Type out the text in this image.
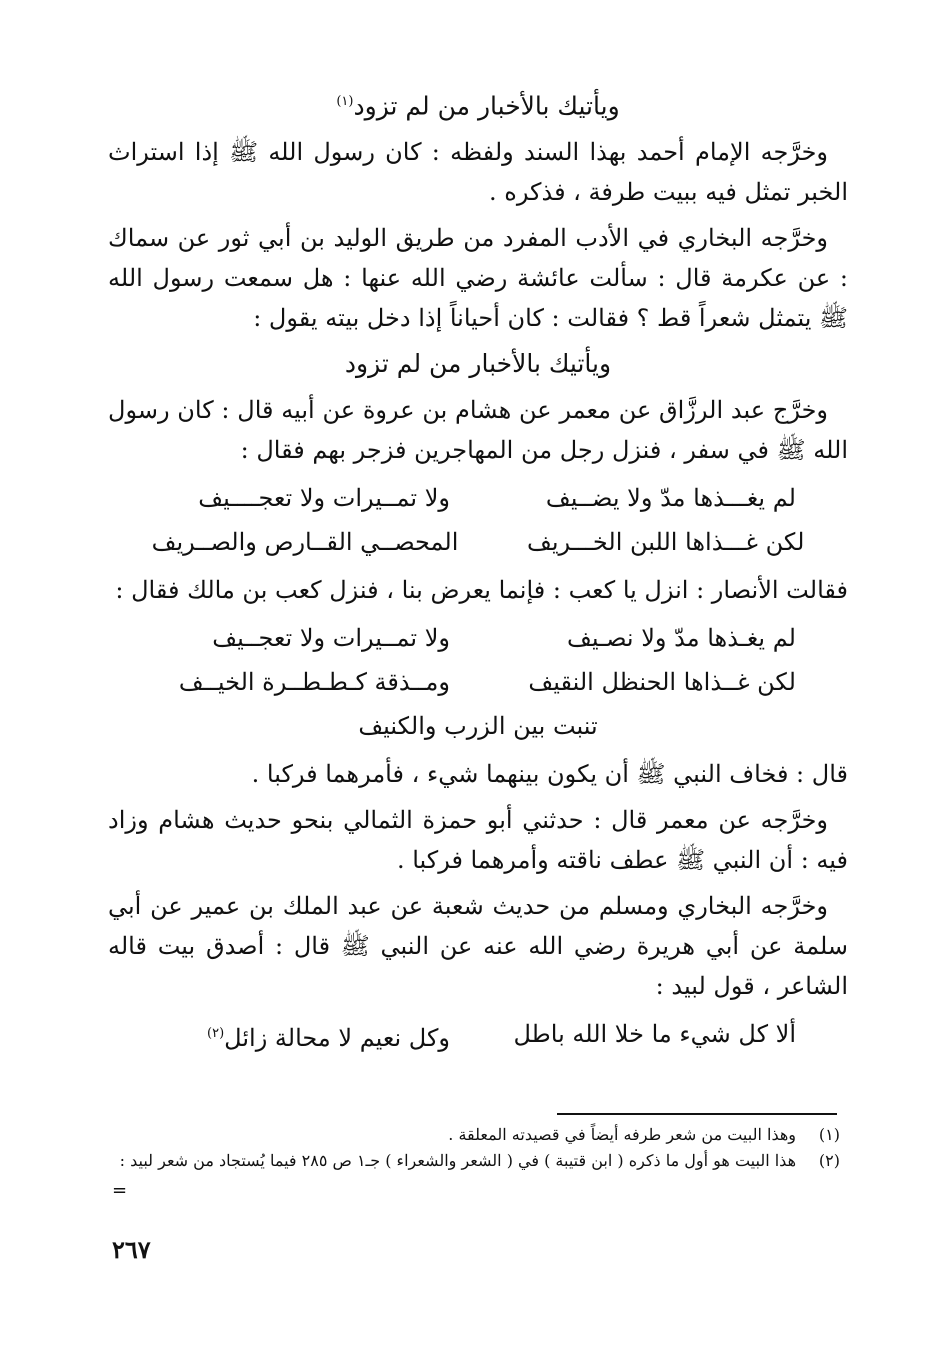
ويأتيك بالأخبار من لم تزود$^{(١)}$

وخرَّجه الإمام أحمد بهذا السند ولفظه : كان رسول الله ﷺ إذا استراث الخبر تمثل فيه ببيت طرفة ، فذكره .

وخرَّجه البخاري في الأدب المفرد من طريق الوليد بن أبي ثور عن سماك : عن عكرمة قال : سألت عائشة رضي الله عنها : هل سمعت رسول الله ﷺ يتمثل شعراً قط ؟ فقالت : كان أحياناً إذا دخل بيته يقول :

ويأتيك بالأخبار من لم تزود

وخرَّج عبد الرزَّاق عن معمر عن هشام بن عروة عن أبيه قال : كان رسول الله ﷺ في سفر ، فنزل رجل من المهاجرين فزجر بهم فقال :

لم يغـــذها مدّ ولا يضــيف
ولا تمــيرات ولا تعجــــيف
لكن غـــذاها اللبن الخـــريف
المحصــي القــارص والصــريف

فقالت الأنصار : انزل يا كعب : فإنما يعرض بنا ، فنزل كعب بن مالك فقال :

لم يغـذها مدّ ولا نصـيف
ولا تمــيرات ولا تعجــيف
لكن غــذاها الحنظل النقيف
ومــذقة كـطـطــرة الخيــف
تنبت بين الزرب والكنيف

قال : فخاف النبي ﷺ أن يكون بينهما شيء ، فأمرهما فركبا .

وخرَّجه عن معمر قال : حدثني أبو حمزة الثمالي بنحو حديث هشام وزاد فيه : أن النبي ﷺ عطف ناقته وأمرهما فركبا .

وخرَّجه البخاري ومسلم من حديث شعبة عن عبد الملك بن عمير عن أبي سلمة عن أبي هريرة رضي الله عنه عن النبي ﷺ قال : أصدق بيت قاله الشاعر ، قول لبيد :

ألا كل شيء ما خلا الله باطل
وكل نعيم لا محالة زائل$^{(٢)}$
(١)
وهذا البيت من شعر طرفه أيضاً في قصيدته المعلقة .
(٢)
هذا البيت هو أول ما ذكره ( ابن قتيبة ) في ( الشعر والشعراء ) جـ١ ص ٢٨٥ فيما يُستجاد من شعر لبيد :
=
٢٦٧
